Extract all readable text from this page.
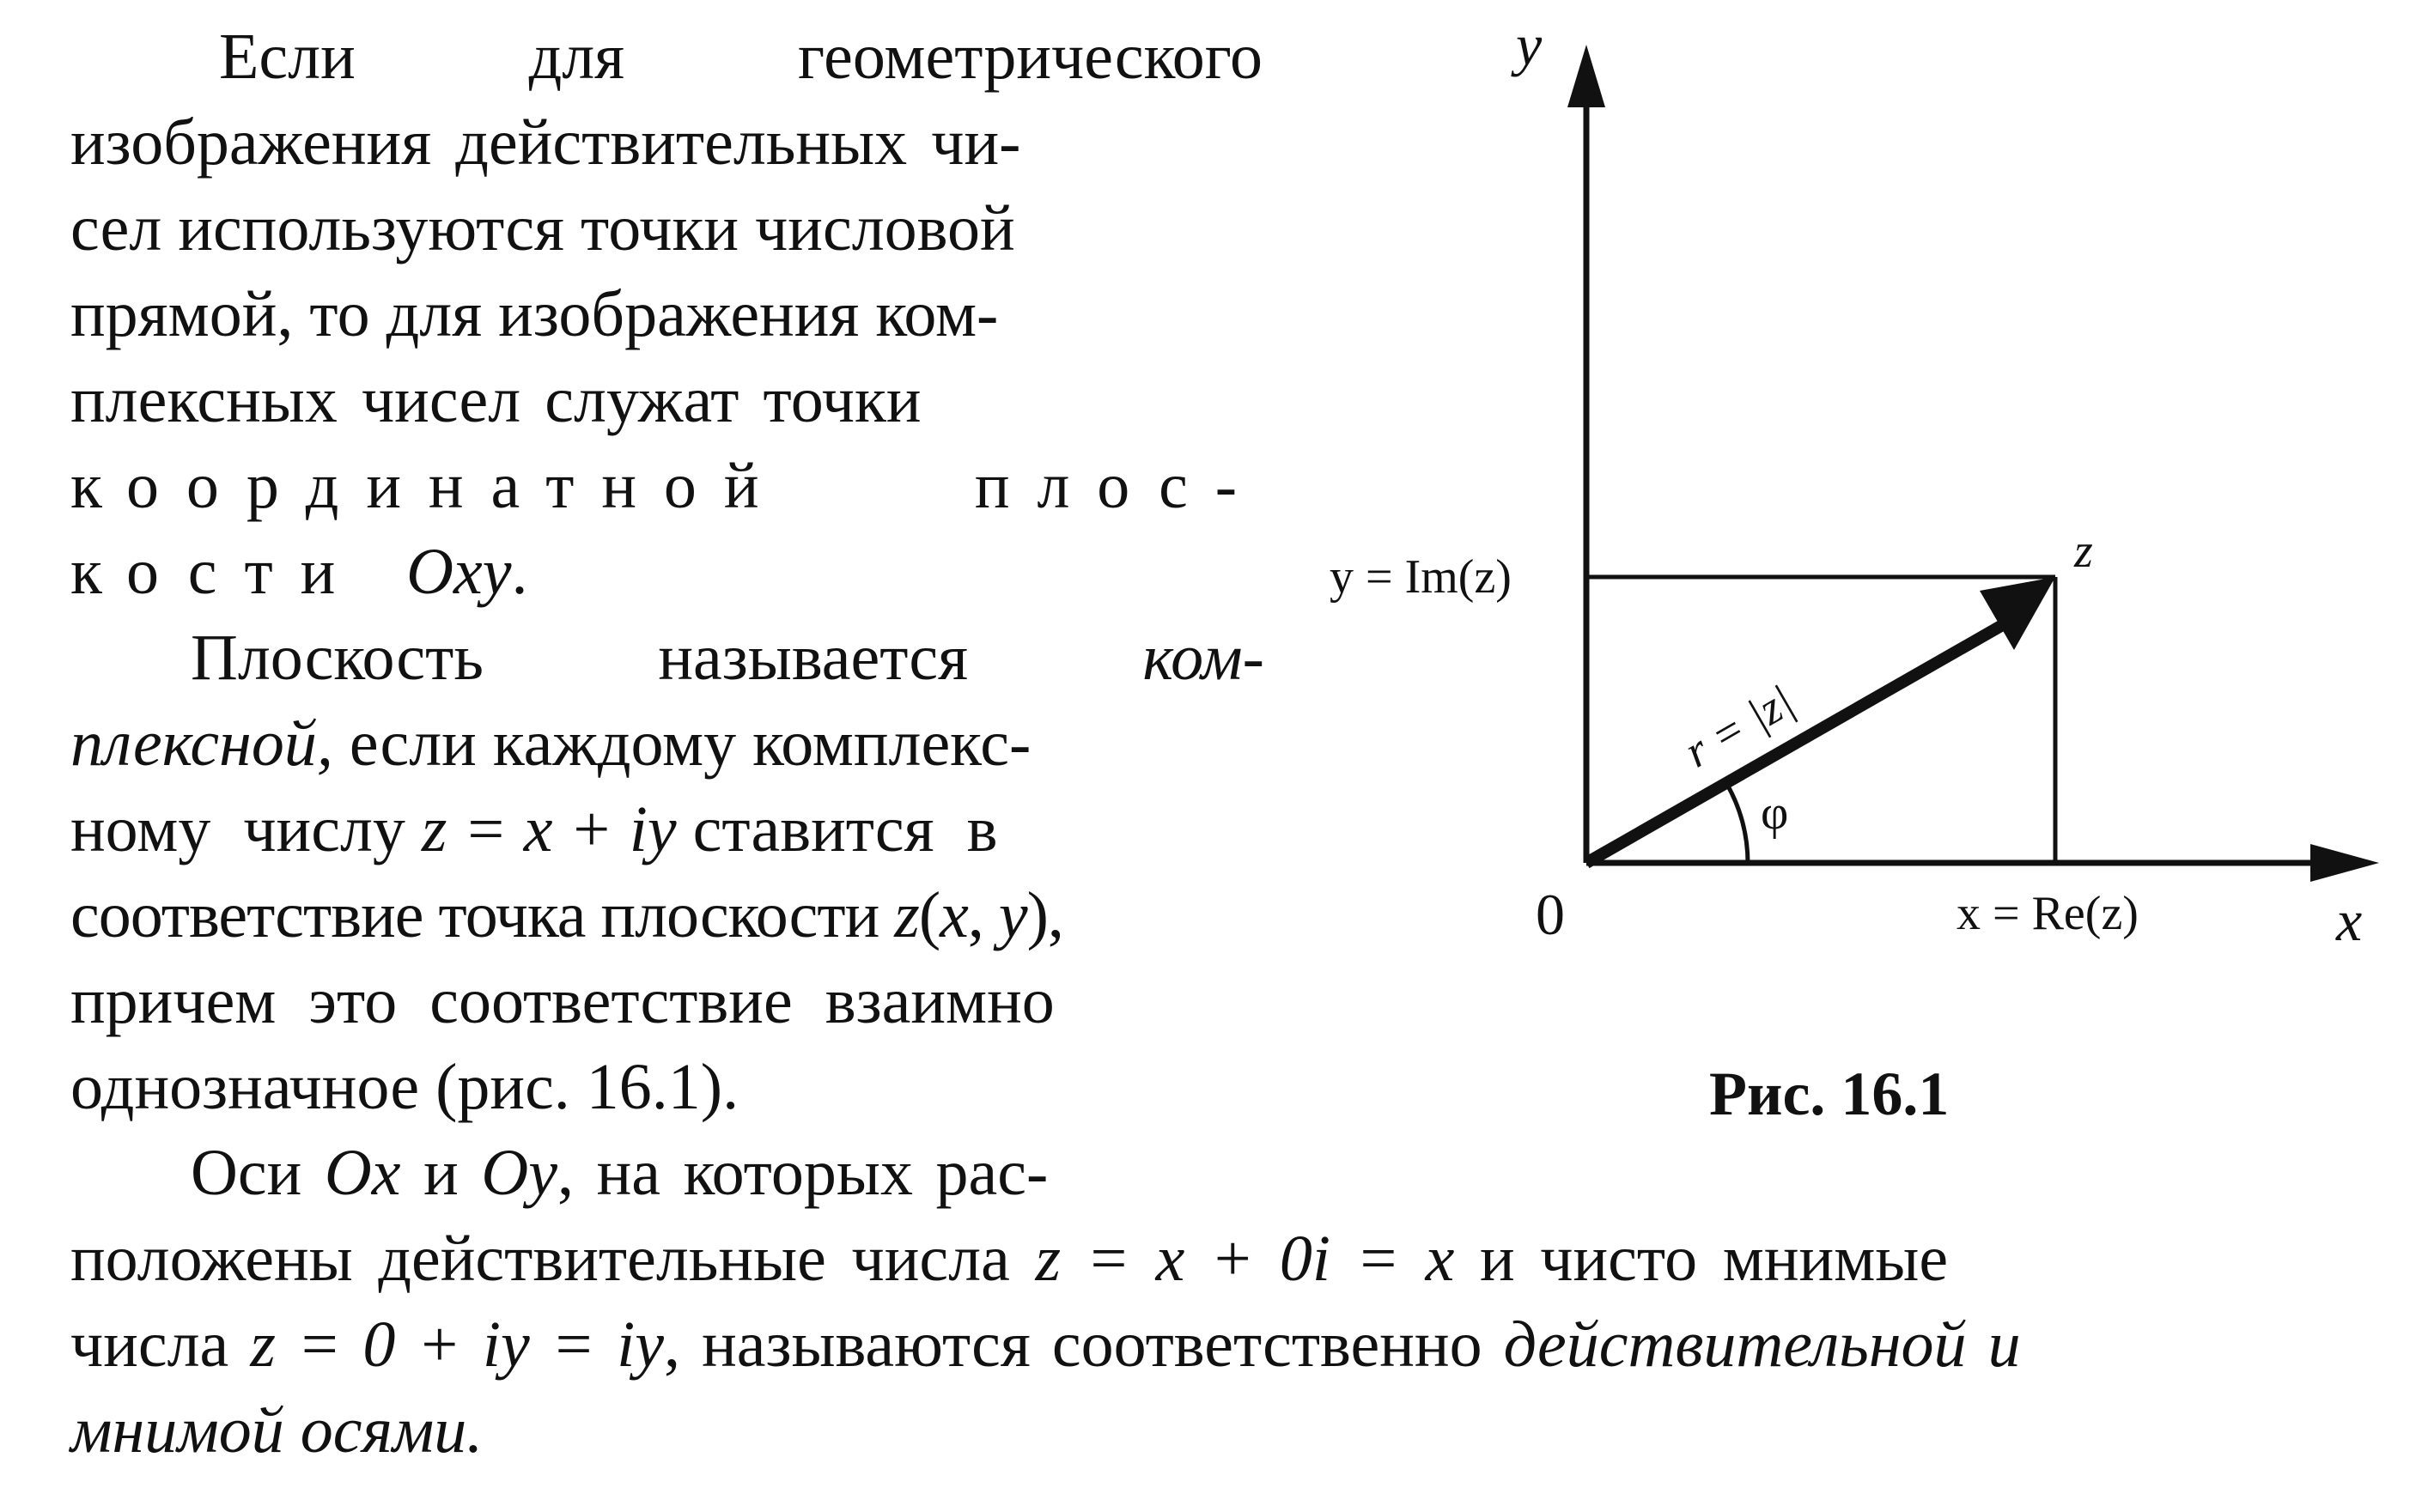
Если	для	геометрического
изображения действительных чи-
сел используются точки числовой
прямой, то для изображения ком-
плексных чисел служат точки
координатной	плос-
кости Oxy.
Плоскость	называется	ком-
плексной, если каждому комплекс-
ному  числу z = x + iy ставится  в
соответствие точка плоскости z(x, y),
причем  это  соответствие  взаимно
однозначное (рис. 16.1).
Оси Ox и Oy, на которых рас-
положены действительные числа z = x + 0i = x и чисто мнимые
числа z = 0 + iy = iy, называются соответственно действительной и
мнимой осями.
y
x
0
z
y = Im(z)
x = Re(z)
φ
r = |z|
Рис. 16.1
